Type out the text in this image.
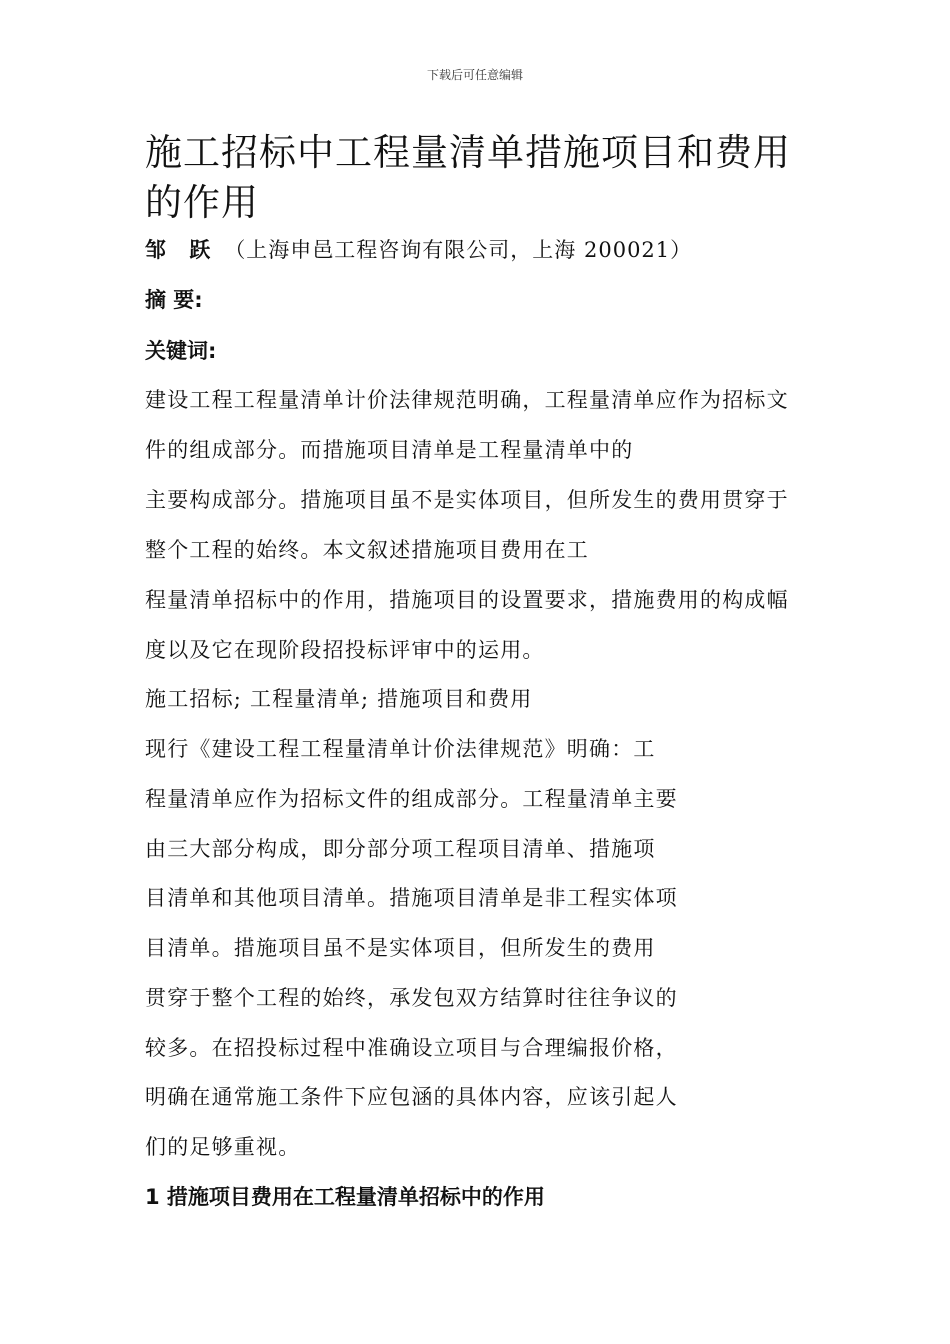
下载后可任意编辑
施工招标中工程量清单措施项目和费用的作用
邹 跃 （上海申邑工程咨询有限公司，上海 200021）
摘 要:
关键词:
建设工程工程量清单计价法律规范明确，工程量清单应作为招标文
件的组成部分。而措施项目清单是工程量清单中的
主要构成部分。措施项目虽不是实体项目，但所发生的费用贯穿于
整个工程的始终。本文叙述措施项目费用在工
程量清单招标中的作用，措施项目的设置要求，措施费用的构成幅
度以及它在现阶段招投标评审中的运用。
施工招标; 工程量清单; 措施项目和费用
现行《建设工程工程量清单计价法律规范》明确：工
程量清单应作为招标文件的组成部分。工程量清单主要
由三大部分构成，即分部分项工程项目清单、措施项
目清单和其他项目清单。措施项目清单是非工程实体项
目清单。措施项目虽不是实体项目，但所发生的费用
贯穿于整个工程的始终，承发包双方结算时往往争议的
较多。在招投标过程中准确设立项目与合理编报价格，
明确在通常施工条件下应包涵的具体内容，应该引起人
们的足够重视。
1 措施项目费用在工程量清单招标中的作用
